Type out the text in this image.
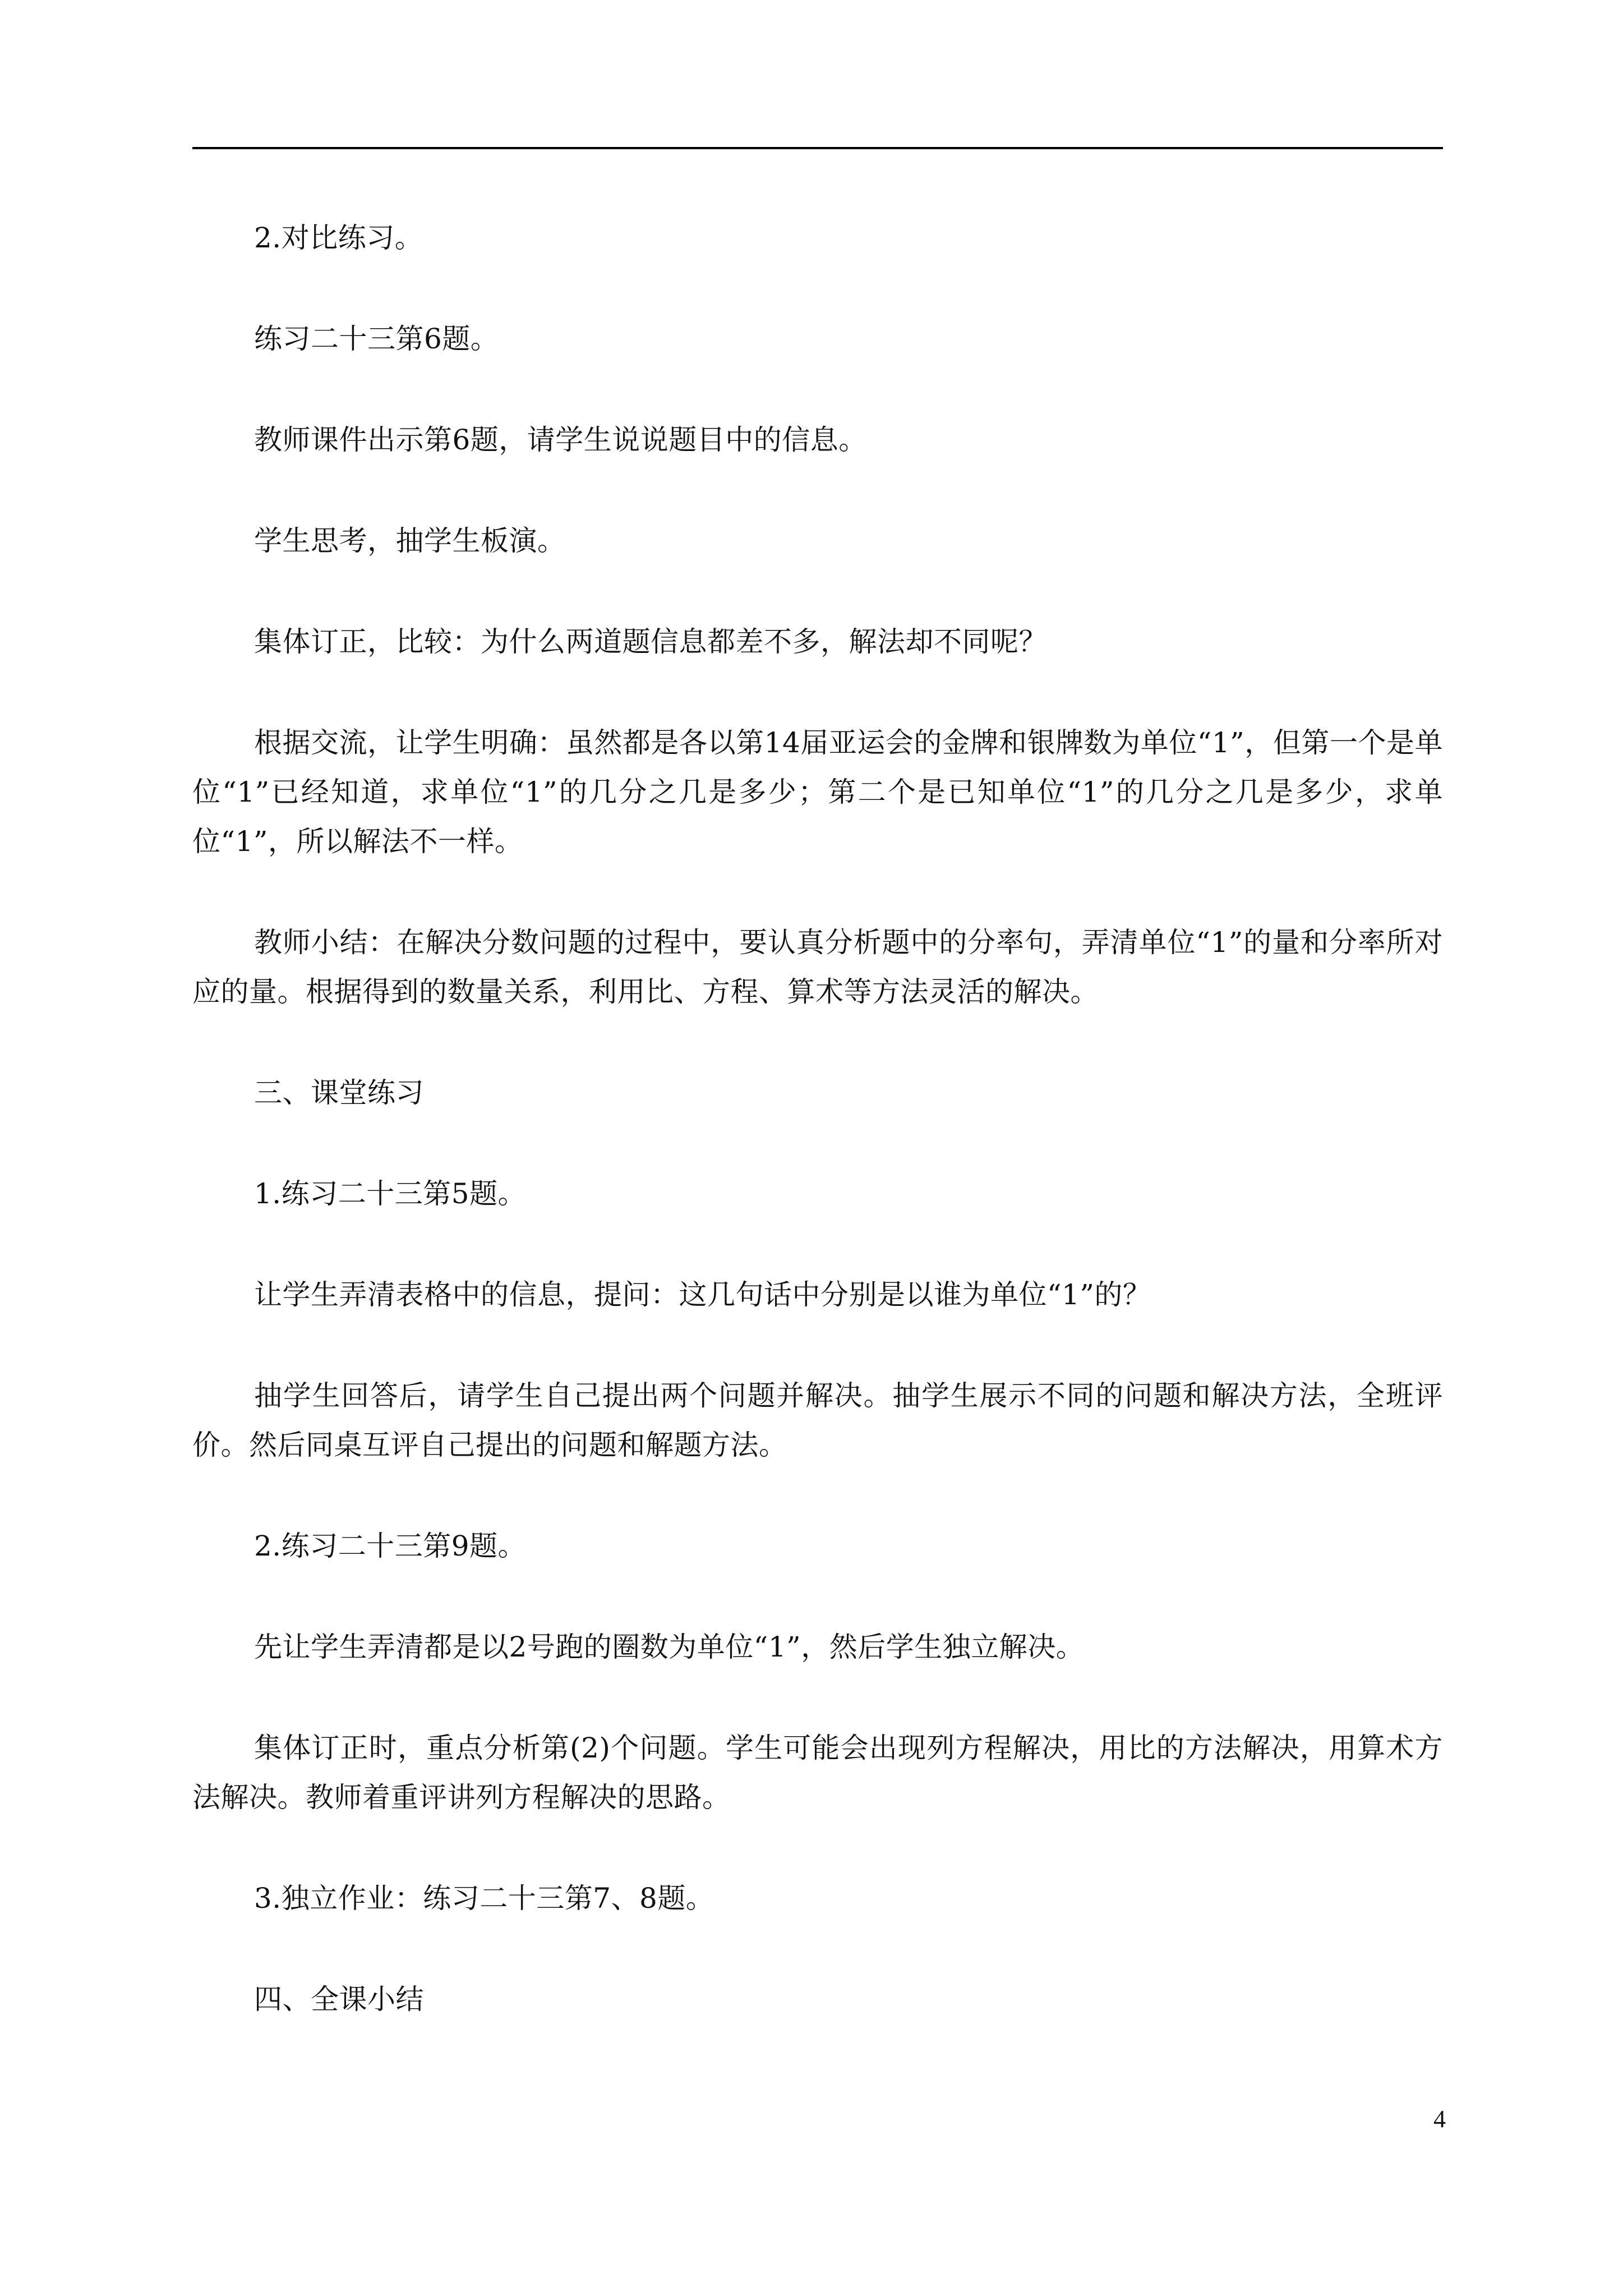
2.对比练习。

练习二十三第6题。

教师课件出示第6题，请学生说说题目中的信息。

学生思考，抽学生板演。

集体订正，比较：为什么两道题信息都差不多，解法却不同呢？

根据交流，让学生明确：虽然都是各以第14届亚运会的金牌和银牌数为单位“1”，但第一个是单位“1”已经知道，求单位“1”的几分之几是多少；第二个是已知单位“1”的几分之几是多少，求单位“1”，所以解法不一样。

教师小结：在解决分数问题的过程中，要认真分析题中的分率句，弄清单位“1”的量和分率所对应的量。根据得到的数量关系，利用比、方程、算术等方法灵活的解决。

三、课堂练习

1.练习二十三第5题。

让学生弄清表格中的信息，提问：这几句话中分别是以谁为单位“1”的？

抽学生回答后，请学生自己提出两个问题并解决。抽学生展示不同的问题和解决方法，全班评价。然后同桌互评自己提出的问题和解题方法。

2.练习二十三第9题。

先让学生弄清都是以2号跑的圈数为单位“1”，然后学生独立解决。

集体订正时，重点分析第(2)个问题。学生可能会出现列方程解决，用比的方法解决，用算术方法解决。教师着重评讲列方程解决的思路。

3.独立作业：练习二十三第7、8题。

四、全课小结

4
